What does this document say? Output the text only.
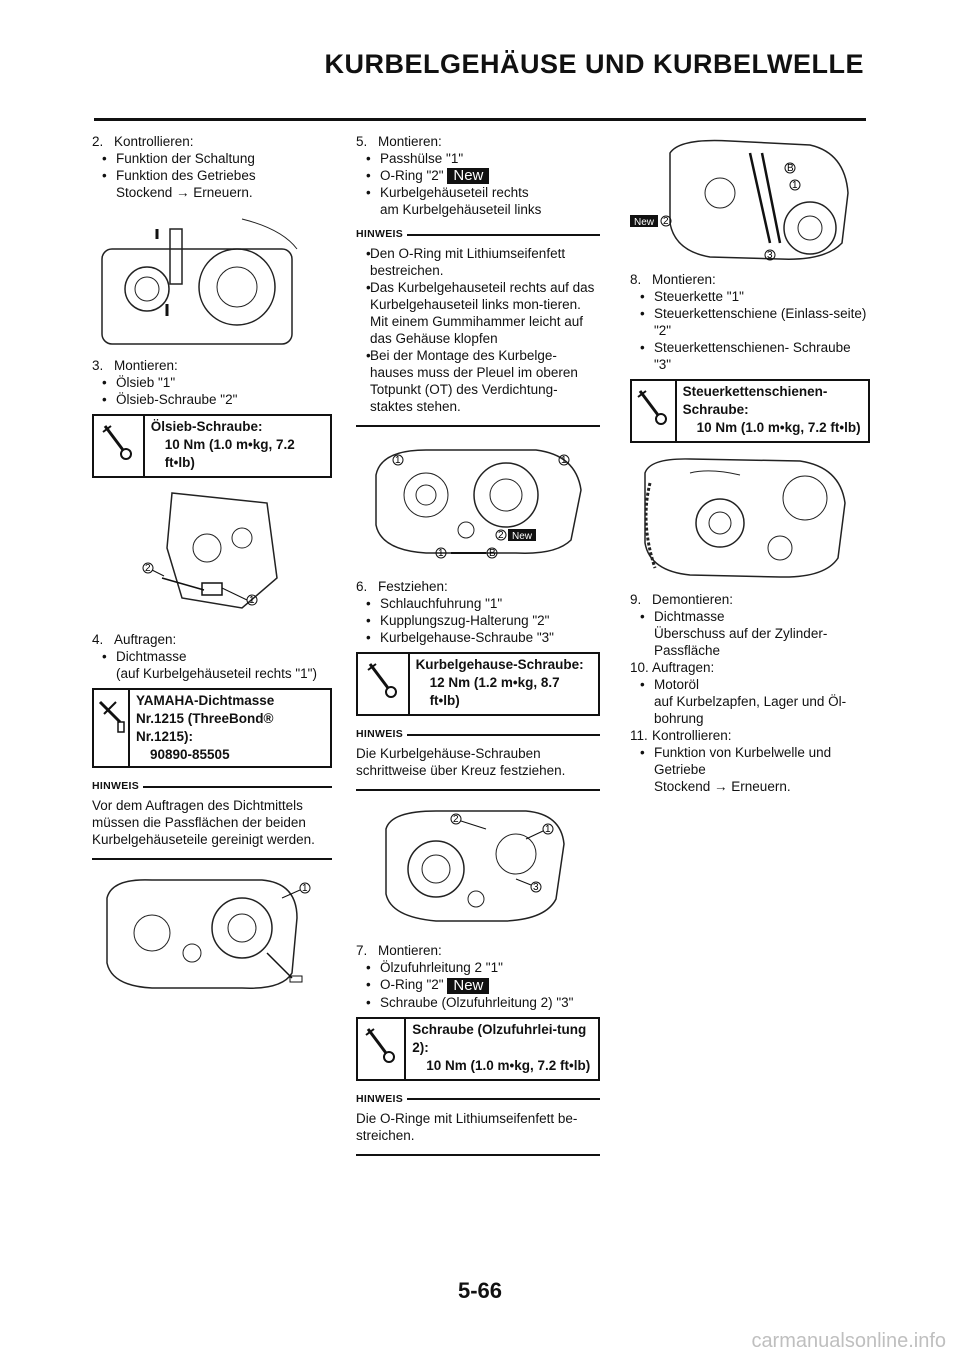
KURBELGEHÄUSE UND KURBELWELLE

2. Kontrollieren:

• Funktion der Schaltung
• Funktion des Getriebes
Stockend → Erneuern.

3. Montieren:

• Ölsieb "1"
• Ölsieb-Schraube "2"
Ölsieb-Schraube:
10 Nm (1.0 m•kg, 7.2 ft•lb)
2
1

4. Auftragen:

• Dichtmasse
(auf Kurbelgehäuseteil rechts "1")
YAMAHA-Dichtmasse Nr.1215 (ThreeBond® Nr.1215):
90890-85505
HINWEIS
Vor dem Auftragen des Dichtmittels müssen die Passflächen der beiden Kurbelgehäuseteile gereinigt werden.
1

5. Montieren:

• Passhülse "1"
• O-Ring "2" New
• Kurbelgehäuseteil rechts
am Kurbelgehäuseteil links
HINWEIS
• Den O-Ring mit Lithiumseifenfett bestreichen.
• Das Kurbelgehauseteil rechts auf das Kurbelgehauseteil links mon-tieren. Mit einem Gummihammer leicht auf das Gehäuse klopfen
• Bei der Montage des Kurbelge-hauses muss der Pleuel im oberen Totpunkt (OT) des Verdichtung-staktes stehen.
1	1
1
2 New
B

6. Festziehen:

• Schlauchfuhrung "1"
• Kupplungszug-Halterung "2"
• Kurbelgehause-Schraube "3"
Kurbelgehause-Schraube:
12 Nm (1.2 m•kg, 8.7 ft•lb)
HINWEIS
Die Kurbelgehäuse-Schrauben schrittweise über Kreuz festziehen.
2
1
3

7. Montieren:

• Ölzufuhrleitung 2 "1"
• O-Ring "2" New
• Schraube (Olzufuhrleitung 2) "3"
Schraube (Olzufuhrlei-tung 2):
10 Nm (1.0 m•kg, 7.2 ft•lb)
HINWEIS
Die O-Ringe mit Lithiumseifenfett be-streichen.
1
New 2
3
B

8. Montieren:

• Steuerkette "1"
• Steuerkettenschiene (Einlass-seite) "2"
• Steuerkettenschienen- Schraube "3"
Steuerkettenschienen-Schraube:
10 Nm (1.0 m•kg, 7.2 ft•lb)

9. Demontieren:

• Dichtmasse
Überschuss auf der Zylinder-Passfläche

10. Auftragen:

• Motoröl
auf Kurbelzapfen, Lager und Öl-bohrung

11. Kontrollieren:

• Funktion von Kurbelwelle und Getriebe
Stockend → Erneuern.
5-66
carmanualsonline.info
